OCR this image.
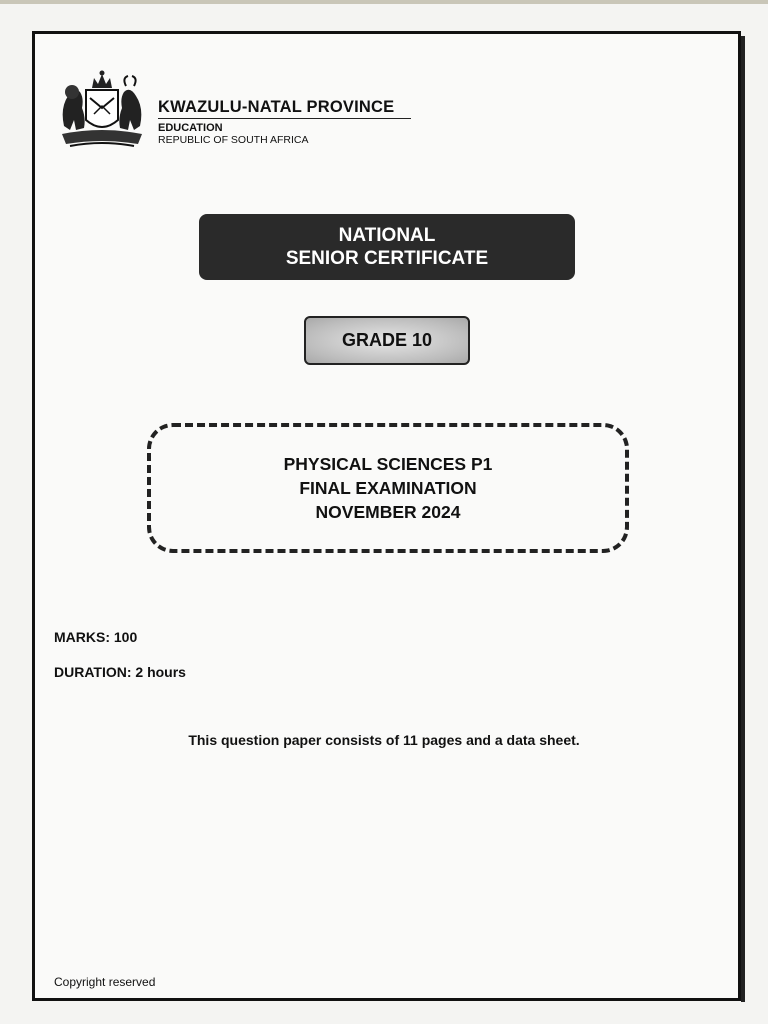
KWAZULU-NATAL PROVINCE
EDUCATION
REPUBLIC OF SOUTH AFRICA
NATIONAL
SENIOR CERTIFICATE
GRADE 10
PHYSICAL SCIENCES P1
FINAL EXAMINATION
NOVEMBER 2024
MARKS: 100
DURATION: 2 hours
This question paper consists of 11 pages and a data sheet.
Copyright reserved
